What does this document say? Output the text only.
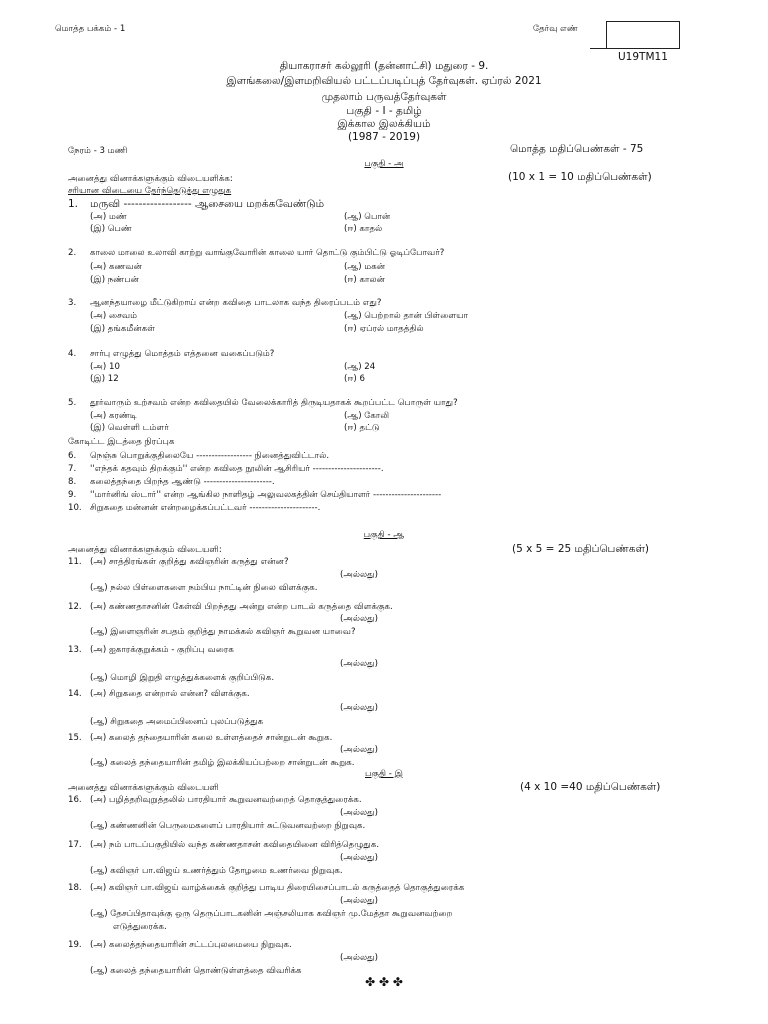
மொத்த பக்கம் - 1	தேர்வு எண்
U19TM11
தியாகராசர் கல்லூரி (தன்னாட்சி) மதுரை - 9.
இளங்கலை/இளமறிவியல் பட்டப்படிப்புத் தேர்வுகள். ஏப்ரல் 2021
முதலாம் பருவத்தேர்வுகள்
பகுதி - I - தமிழ்
இக்கால இலக்கியம்
(1987 - 2019)
நேரம் - 3 மணி	மொத்த மதிப்பெண்கள் - 75
பகுதி - அ
அனைத்து வினாக்களுக்கும் விடையளிக்க:	(10 x 1 = 10 மதிப்பெண்கள்)
சரியான விடையை தேர்ந்தெடுத்து எழுதுக
1. மருவி ------------------ ஆசையை மறக்கவேண்டும்
(அ) மண்	(ஆ) பொன்
(இ) பெண்	(ஈ) காதல்
2. காலை மாலை உலாவி காற்று வாங்குவோரின் காலை யார் தொட்டு கும்பிட்டு ஓடிப்போவர்?
(அ) கணவன்	(ஆ) மகன்
(இ) நண்பன்	(ஈ) காலன்
3. ஆனந்தயாழை மீட்டுகிறாய் என்ற கவிதை பாடலாக வந்த திரைப்படம் எது?
(அ) சைவம்	(ஆ) பெற்றால் தான் பிள்ளையா
(இ) தங்கமீன்கள்	(ஈ) ஏப்ரல் மாதத்தில்
4. சார்பு எழுத்து மொத்தம் எத்தனை வகைப்படும்?
(அ) 10	(ஆ) 24
(இ) 12	(ஈ) 6
5. தூர்வாரும் உற்சவம் என்ற கவிதையில் வேலைக்காரித் திருடியதாகக் கூறப்பட்ட பொருள் யாது?
(அ) கரண்டி	(ஆ) கோலி
(இ) வெள்ளி டம்ளர்	(ஈ) தட்டு
கோடிட்ட இடத்தை நிரப்புக
6. நெஞ்சு பொறுக்குதிலையே ------------------ நினைத்துவிட்டால்.
7. ''எந்தக் கதவும் திறக்கும்'' என்ற கவிதை நூலின் ஆசிரியர் ----------------------.
8. கலைத்தந்தை பிறந்த ஆண்டு ----------------------.
9. ''மார்னிங் ஸ்டார்'' என்ற ஆங்கில நாளிதழ் அலுவலகத்தின் செய்தியாளர் ----------------------
10. சிறுகதை மன்னன் என்றழைக்கப்பட்டவர் ----------------------.
பகுதி - ஆ
அனைத்து வினாக்களுக்கும் விடையளி:	(5 x 5 = 25 மதிப்பெண்கள்)
11. (அ) சாத்திரங்கள் குறித்து கவிஞரின் கருத்து என்ன?
(அல்லது)
(ஆ) நல்ல பிள்ளைகளை நம்பிய நாட்டின் நிலை விளக்குக.
12. (அ) கண்ணதாசனின் கேள்வி பிறந்தது அன்று என்ற பாடல் கருத்தை விளக்குக.
(அல்லது)
(ஆ) இளைஞரின் சபதம் குறித்து நாமக்கல் கவிஞர் கூறுவன யாவை?
13. (அ) ஐகாரக்குறுக்கம் - குறிப்பு வரைக
(அல்லது)
(ஆ) மொழி இறுதி எழுத்துக்களைக் குறிப்பிடுக.
14. (அ) சிறுகதை என்றால் என்ன? விளக்குக.
(அல்லது)
(ஆ) சிறுகதை அமைப்பினைப் புலப்படுத்துக
15. (அ) கலைத் தந்தையாரின் கலை உள்ளத்தைச் சான்றுடன் கூறுக.
(அல்லது)
(ஆ) கலைத் தந்தையாரின் தமிழ் இலக்கியப்பற்றை சான்றுடன் கூறுக.
பகுதி - இ
அனைத்து வினாக்களுக்கும் விடையளி	(4 x 10 =40 மதிப்பெண்கள்)
16. (அ) பழித்தறிவுறுத்தலில் பாரதியார் கூறுவனவற்றைத் தொகுத்துரைக்க.
(அல்லது)
(ஆ) கண்ணனின் பெருமைகளைப் பாரதியார் சுட்டுவனவற்றை நிறுவுக.
17. (அ) நம் பாடப்பகுதியில் வந்த கண்ணதாசன் கவிதையினை விரித்தெழுதுக.
(அல்லது)
(ஆ) கவிஞர் பா.விஜய் உணர்த்தும் தோழமை உணர்வை நிறுவுக.
18. (அ) கவிஞர் பா.விஜய் வாழ்க்கைக் குறித்து பாடிய திரையிசைப்பாடல் கருத்தைத் தொகுத்துரைக்க
(அல்லது)
(ஆ) தேசப்பிதாவுக்கு ஒரு தெருப்பாடகனின் அஞ்சலியாக கவிஞர் மு.மேத்தா கூறுவனவற்றை
எடுத்துரைக்க.
19. (அ) கலைத்தந்தையாரின் சட்டப்புலமையை நிறுவுக.
(அல்லது)
(ஆ) கலைத் தந்தையாரின் தொண்டுள்ளத்தை விவரிக்க
✤ ✤ ✤
